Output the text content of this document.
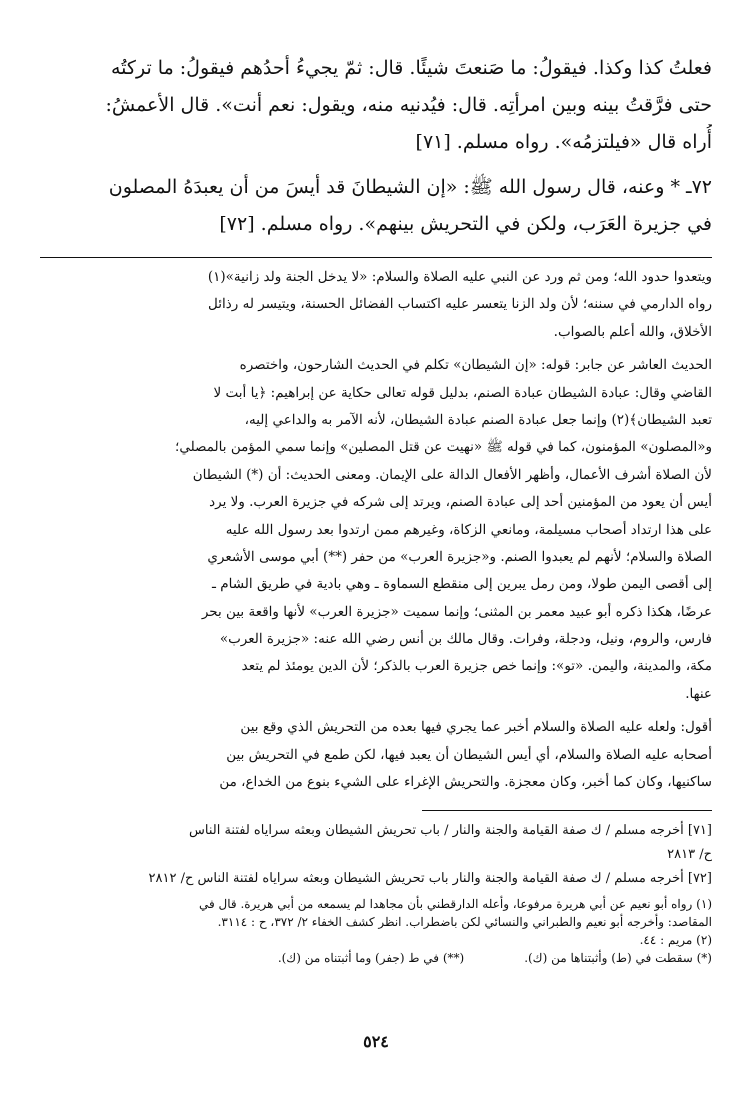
فعلتُ كذا وكذا. فيقولُ: ما صَنعتَ شيئًا. قال: ثمّ يجيءُ أحدُهم فيقولُ: ما تركتُه
حتى فرَّقتُ بينه وبين امرأتِه. قال: فيُدنيه منه، ويقول: نعم أنت». قال الأعمشُ:
أُراه قال «فيلتزمُه». رواه مسلم. [٧١]
٧٢ـ * وعنه، قال رسول الله ﷺ: «إن الشيطانَ قد أيسَ من أن يعبدَهُ المصلون
في جزيرة العَرَب، ولكن في التحريش بينهم». رواه مسلم. [٧٢]
ويتعدوا حدود الله؛ ومن ثم ورد عن النبي عليه الصلاة والسلام: «لا يدخل الجنة ولد زانية»(١)
رواه الدارمي في سننه؛ لأن ولد الزنا يتعسر عليه اكتساب الفضائل الحسنة، ويتيسر له رذائل
الأخلاق، والله أعلم بالصواب.
الحديث العاشر عن جابر: قوله: «إن الشيطان» تكلم في الحديث الشارحون، واختصره
القاضي وقال: عبادة الشيطان عبادة الصنم، بدليل قوله تعالى حكاية عن إبراهيم: ﴿يا أبت لا
تعبد الشيطان﴾(٢) وإنما جعل عبادة الصنم عبادة الشيطان، لأنه الآمر به والداعي إليه،
و«المصلون» المؤمنون، كما في قوله ﷺ «نهيت عن قتل المصلين» وإنما سمي المؤمن بالمصلي؛
لأن الصلاة أشرف الأعمال، وأظهر الأفعال الدالة على الإيمان. ومعنى الحديث: أن (*) الشيطان
أيس أن يعود من المؤمنين أحد إلى عبادة الصنم، ويرتد إلى شركه في جزيرة العرب. ولا يرد
على هذا ارتداد أصحاب مسيلمة، ومانعي الزكاة، وغيرهم ممن ارتدوا بعد رسول الله عليه
الصلاة والسلام؛ لأنهم لم يعبدوا الصنم. و«جزيرة العرب» من حفر (**) أبي موسى الأشعري
إلى أقصى اليمن طولا، ومن رمل يبرين إلى منقطع السماوة ـ وهي بادية في طريق الشام ـ
عرضًا، هكذا ذكره أبو عبيد معمر بن المثنى؛ وإنما سميت «جزيرة العرب» لأنها واقعة بين بحر
فارس، والروم، ونيل، ودجلة، وفرات. وقال مالك بن أنس رضي الله عنه: «جزيرة العرب»
مكة، والمدينة، واليمن. «تو»: وإنما خص جزيرة العرب بالذكر؛ لأن الدين يومئذ لم يتعد
عنها.
أقول: ولعله عليه الصلاة والسلام أخبر عما يجري فيها بعده من التحريش الذي وقع بين
أصحابه عليه الصلاة والسلام، أي أيس الشيطان أن يعبد فيها، لكن طمع في التحريش بين
ساكنيها، وكان كما أخبر، وكان معجزة. والتحريش الإغراء على الشيء بنوع من الخداع، من
[٧١] أخرجه مسلم / ك صفة القيامة والجنة والنار / باب تحريش الشيطان وبعثه سراياه لفتنة الناس
ح/ ٢٨١٣
[٧٢] أخرجه مسلم / ك صفة القيامة والجنة والنار باب تحريش الشيطان وبعثه سراياه لفتنة الناس ح/ ٢٨١٢
(١) رواه أبو نعيم عن أبي هريرة مرفوعا، وأعله الدارقطني بأن مجاهدا لم يسمعه من أبي هريرة. قال في
المقاصد: وأخرجه أبو نعيم والطبراني والنسائي لكن باضطراب. انظر كشف الخفاء ٢/ ٣٧٢، ح : ٣١١٤.
(٢) مريم : ٤٤.
(*) سقطت في (ط) وأثبتناها من (ك).
(**) في ط (جفر) وما أثبتناه من (ك).
٥٢٤
